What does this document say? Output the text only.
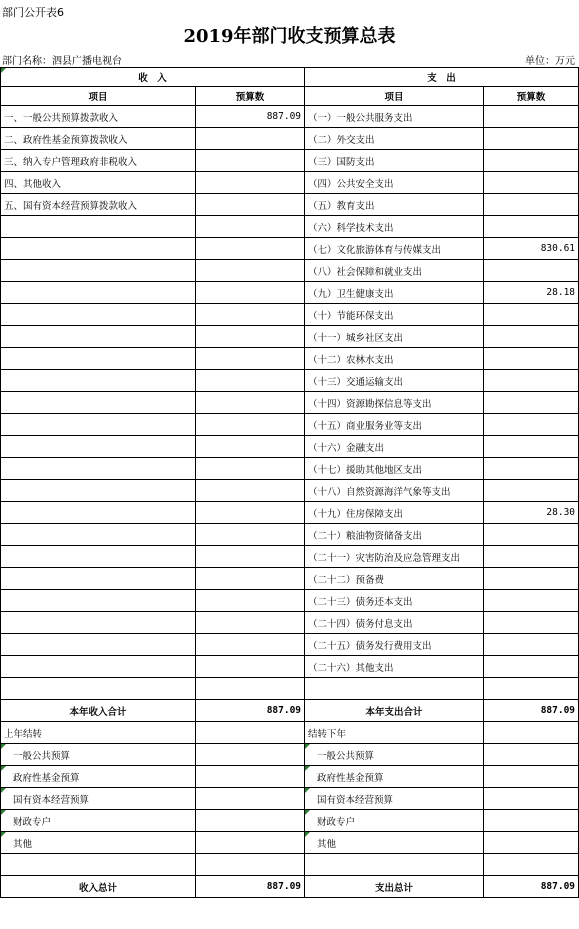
部门公开表6
2019年部门收支预算总表
部门名称：泗县广播电视台	单位：万元
收　入		支　出	
项目	预算数	项目	预算数
一、一般公共预算拨款收入	887.09	（一）一般公共服务支出	
二、政府性基金预算拨款收入		（二）外交支出	
三、纳入专户管理政府非税收入		（三）国防支出	
四、其他收入		（四）公共安全支出	
五、国有资本经营预算拨款收入		（五）教育支出	
		（六）科学技术支出	
		（七）文化旅游体育与传媒支出	830.61
		（八）社会保障和就业支出	
		（九）卫生健康支出	28.18
		（十）节能环保支出	
		（十一）城乡社区支出	
		（十二）农林水支出	
		（十三）交通运输支出	
		（十四）资源勘探信息等支出	
		（十五）商业服务业等支出	
		（十六）金融支出	
		（十七）援助其他地区支出	
		（十八）自然资源海洋气象等支出	
		（十九）住房保障支出	28.30
		（二十）粮油物资储备支出	
		（二十一）灾害防治及应急管理支出	
		（二十二）预备费	
		（二十三）债务还本支出	
		（二十四）债务付息支出	
		（二十五）债务发行费用支出	
		（二十六）其他支出	

本年收入合计	887.09	本年支出合计	887.09
上年结转		结转下年	
一般公共预算		一般公共预算	
政府性基金预算		政府性基金预算	
国有资本经营预算		国有资本经营预算	
财政专户		财政专户	
其他		其他	

收入总计	887.09	支出总计	887.09
